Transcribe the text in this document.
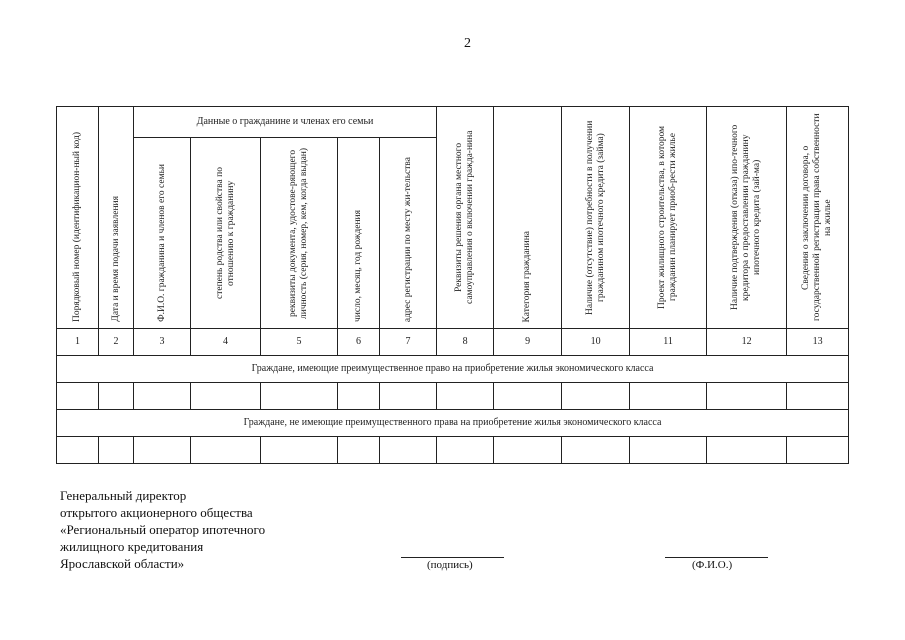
2
Порядковый номер (идентификацион-ный код)	Дата и время подачи заявления	Данные о гражданине и членах его семьи					Реквизиты решения органа местного самоуправления о включении гражда-нина	Категория гражданина	Наличие (отсутствие) потребности в получении гражданином ипотечного кредита (займа)	Проект жилищного строительства, в котором гражданин планирует приоб-рести жилье	Наличие подтверждения (отказа) ипо-течного кредитора о предоставлении гражданину ипотечного кредита (зай-ма)	Сведения о заключении договора, о государственной регистрации права собственности на жилье

		Ф.И.О. гражданина и членов его семьи	степень родства или свойства по отношению к гражданину	реквизиты документа, удостове-ряющего личность (серия, номер, кем, когда выдан)	число, месяц, год рождения	адрес регистрации по месту жи-тельства						

1	2	3	4	5	6	7	8	9	10	11	12	13
Граждане, имеющие преимущественное право на приобретение жилья экономического класса												

Граждане, не имеющие преимущественного права на приобретение жилья экономического класса												

Генеральный директор
открытого акционерного общества
«Региональный оператор ипотечного
жилищного кредитования
Ярославской области»	(подпись)	(Ф.И.О.)
